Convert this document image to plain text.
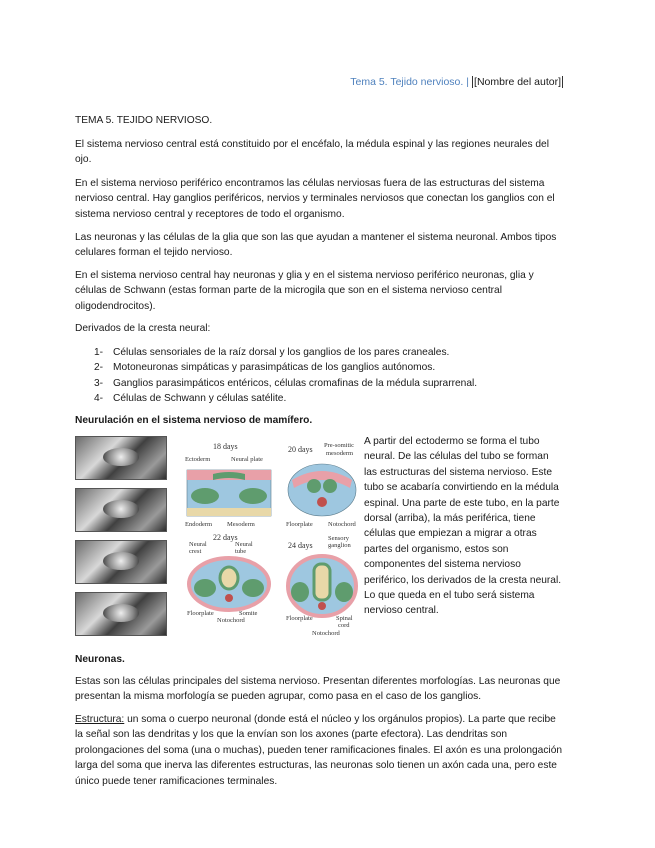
Tema 5. Tejido nervioso. | [Nombre del autor]

TEMA 5. TEJIDO NERVIOSO.

El sistema nervioso central está constituido por el encéfalo, la médula espinal y las regiones neurales del ojo.

En el sistema nervioso periférico encontramos las células nerviosas fuera de las estructuras del sistema nervioso central. Hay ganglios periféricos, nervios y terminales nerviosos que conectan los ganglios con el sistema nervioso central y receptores de todo el organismo.

Las neuronas y las células de la glia que son las que ayudan a mantener el sistema neuronal. Ambos tipos celulares forman el tejido nervioso.

En el sistema nervioso central hay neuronas y glia y en el sistema nervioso periférico neuronas, glia y células de Schwann (estas forman parte de la microgila que son en el sistema nervioso central oligodendrocitos).

Derivados de la cresta neural:

1- Células sensoriales de la raíz dorsal y los ganglios de los pares craneales.
2- Motoneuronas simpáticas y parasimpáticas de los ganglios autónomos.
3- Ganglios parasimpáticos entéricos, células cromafinas de la médula suprarrenal.
4- Células de Schwann y células satélite.
Neurulación en el sistema nervioso de mamífero.
18 days
Ectoderm	Neural plate
Endoderm Mesoderm
20 days Pre-somitic
mesoderm
Floorplate Notochord
22 days
Neural
crest
Neural
tube
Floorplate	Somite
Notochord
24 days
Sensory
ganglion
Floorplate	Spinal
cord
Notochord
A partir del ectodermo se forma el tubo neural. De las células del tubo se forman las estructuras del sistema nervioso. Este tubo se acabaría convirtiendo en la médula espinal. Una parte de este tubo, en la parte dorsal (arriba), la más periférica, tiene células que empiezan a migrar a otras partes del organismo, estos son componentes del sistema nervioso periférico, los derivados de la cresta neural. Lo que queda en el tubo será sistema nervioso central.
Neuronas.
Estas son las células principales del sistema nervioso. Presentan diferentes morfologías. Las neuronas que presentan la misma morfología se pueden agrupar, como pasa en el caso de los ganglios.
Estructura: un soma o cuerpo neuronal (donde está el núcleo y los orgánulos propios). La parte que recibe la señal son las dendritas y los que la envían son los axones (parte efectora). Las dendritas son prolongaciones del soma (una o muchas), pueden tener ramificaciones finales. El axón es una prolongación larga del soma que inerva las diferentes estructuras, las neuronas solo tienen un axón cada una, pero este único puede tener ramificaciones terminales.
